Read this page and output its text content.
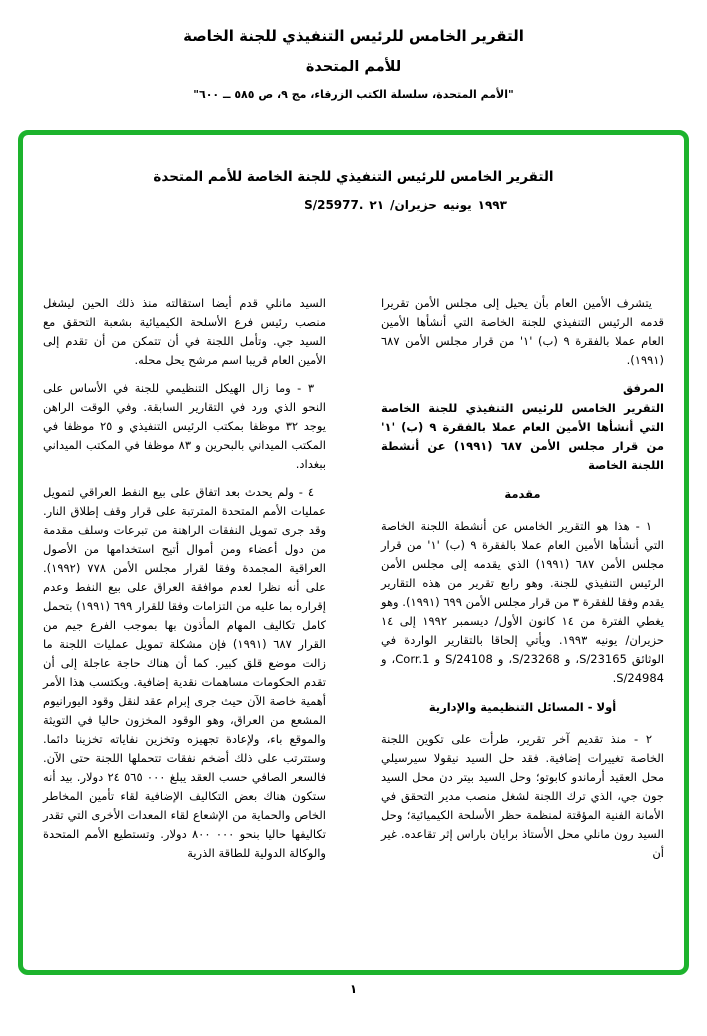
التقرير الخامس للرئيس التنفيذي للجنة الخاصة
للأمم المتحدة
"الأمم المتحدة، سلسلة الكتب الزرقاء، مج ٩، ص ٥٨٥ ــ ٦٠٠"
التقرير الخامس للرئيس التنفيذي للجنة الخاصة للأمم المتحدة
S/25977. ٢١ حزيران/ يونيه ١٩٩٣

يتشرف الأمين العام بأن يحيل إلى مجلس الأمن تقريرا قدمه الرئيس التنفيذي للجنة الخاصة التي أنشأها الأمين العام عملا بالفقرة ٩ (ب) '١' من قرار مجلس الأمن ٦٨٧ (١٩٩١).

المرفق

التقرير الخامس للرئيس التنفيذي للجنة الخاصة التي أنشأها الأمين العام عملا بالفقرة ٩ (ب) '١' من قرار مجلس الأمن ٦٨٧ (١٩٩١) عن أنشطة اللجنة الخاصة

مقدمة

١ - هذا هو التقرير الخامس عن أنشطة اللجنة الخاصة التي أنشأها الأمين العام عملا بالفقرة ٩ (ب) '١' من قرار مجلس الأمن ٦٨٧ (١٩٩١) الذي يقدمه إلى مجلس الأمن الرئيس التنفيذي للجنة. وهو رابع تقرير من هذه التقارير يقدم وفقا للفقرة ٣ من قرار مجلس الأمن ٦٩٩ (١٩٩١). وهو يغطي الفترة من ١٤ كانون الأول/ ديسمبر ١٩٩٢ إلى ١٤ حزيران/ يونيه ١٩٩٣. ويأتي إلحاقا بالتقارير الواردة في الوثائق S/23165، و S/23268، و S/24108 و Corr.1، و S/24984.

أولا - المسائل التنظيمية والإدارية

٢ - منذ تقديم آخر تقرير، طرأت على تكوين اللجنة الخاصة تغييرات إضافية. فقد حل السيد نيقولا سيرسيلي محل العقيد أرماندو كابوتو؛ وحل السيد بيتر دن محل السيد جون جي، الذي ترك اللجنة لشغل منصب مدير التحقق في الأمانة الفنية المؤقتة لمنظمة حظر الأسلحة الكيميائية؛ وحل السيد رون مانلي محل الأستاذ برايان باراس إثر تقاعده. غير أن

السيد مانلي قدم أيضا استقالته منذ ذلك الحين ليشغل منصب رئيس فرع الأسلحة الكيميائية بشعبة التحقق مع السيد جي. وتأمل اللجنة في أن تتمكن من أن تقدم إلى الأمين العام قريبا اسم مرشح يحل محله.

٣ - وما زال الهيكل التنظيمي للجنة في الأساس على النحو الذي ورد في التقارير السابقة. وفي الوقت الراهن يوجد ٣٢ موظفا بمكتب الرئيس التنفيذي و ٢٥ موظفا في المكتب الميداني بالبحرين و ٨٣ موظفا في المكتب الميداني ببغداد.

٤ - ولم يحدث بعد اتفاق على بيع النفط العراقي لتمويل عمليات الأمم المتحدة المترتبة على قرار وقف إطلاق النار. وقد جرى تمويل النفقات الراهنة من تبرعات وسلف مقدمة من دول أعضاء ومن أموال أتيح استخدامها من الأصول العراقية المجمدة وفقا لقرار مجلس الأمن ٧٧٨ (١٩٩٢). على أنه نظرا لعدم موافقة العراق على بيع النفط وعدم إقراره بما عليه من التزامات وفقا للقرار ٦٩٩ (١٩٩١) بتحمل كامل تكاليف المهام المأذون بها بموجب الفرع جيم من القرار ٦٨٧ (١٩٩١) فإن مشكلة تمويل عمليات اللجنة ما زالت موضع قلق كبير. كما أن هناك حاجة عاجلة إلى أن تقدم الحكومات مساهمات نقدية إضافية. ويكتسب هذا الأمر أهمية خاصة الآن حيث جرى إبرام عقد لنقل وقود اليورانيوم المشعع من العراق، وهو الوقود المخزون حاليا في التويثة والموقع باء، ولإعادة تجهيزه وتخزين نفاياته تخزينا دائما. وستترتب على ذلك أضخم نفقات تتحملها اللجنة حتى الآن. فالسعر الصافي حسب العقد يبلغ ٠٠٠ ٥٦٥ ٢٤ دولار. بيد أنه ستكون هناك بعض التكاليف الإضافية لقاء تأمين المخاطر الخاص والحماية من الإشعاع لقاء المعدات الأخرى التي تقدر تكاليفها حاليا بنحو ٠٠٠ ٨٠٠ دولار. وتستطيع الأمم المتحدة والوكالة الدولية للطاقة الذرية

١
